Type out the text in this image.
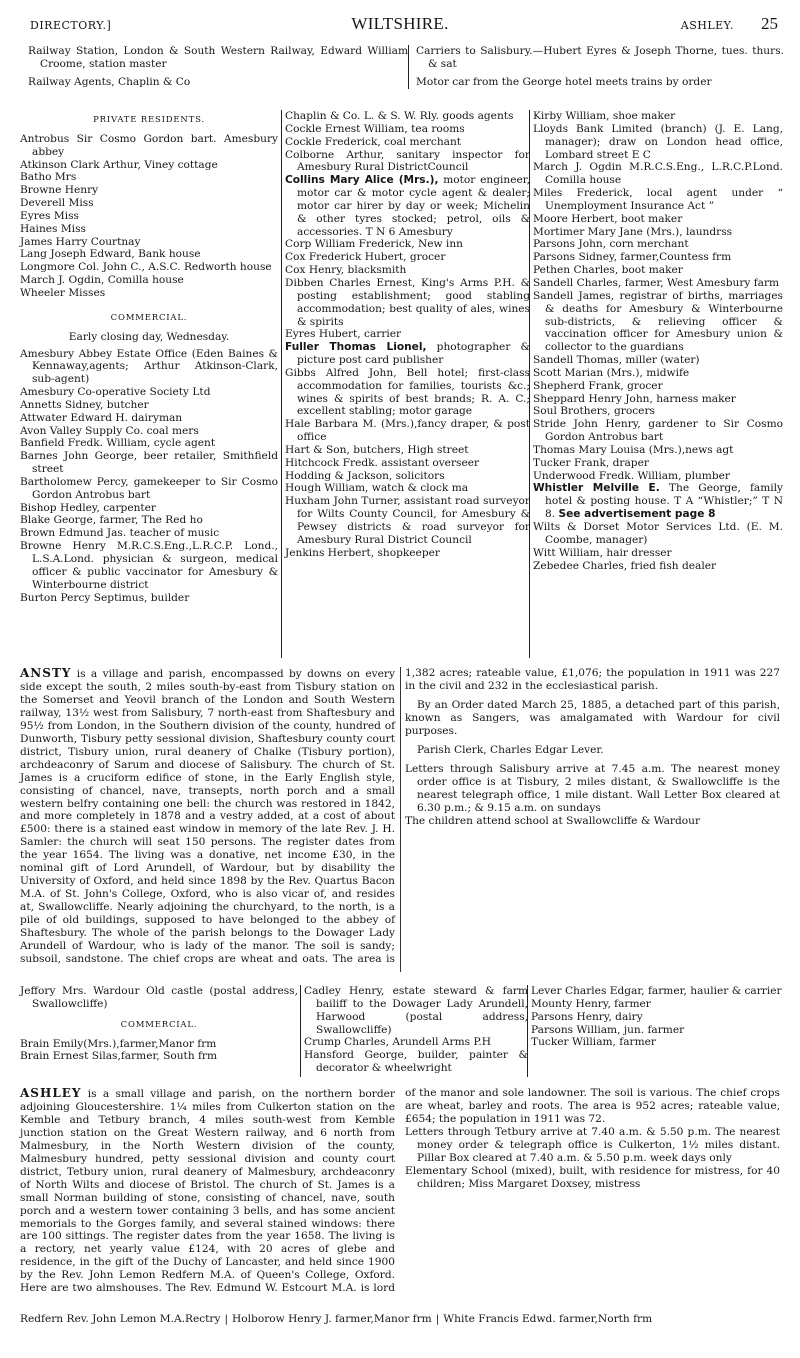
DIRECTORY.]	WILTSHIRE.	ASHLEY. 25

Railway Station, London & South Western Railway, Edward William Croome, station master

Railway Agents, Chaplin & Co

Carriers to Salisbury.—Hubert Eyres & Joseph Thorne, tues. thurs. & sat

Motor car from the George hotel meets trains by order

PRIVATE RESIDENTS.

Antrobus Sir Cosmo Gordon bart. Amesbury abbey

Atkinson Clark Arthur, Viney cottage

Batho Mrs

Browne Henry

Deverell Miss

Eyres Miss

Haines Miss

James Harry Courtnay

Lang Joseph Edward, Bank house

Longmore Col. John C., A.S.C. Redworth house

March J. Ogdin, Comilla house

Wheeler Misses

COMMERCIAL.
Early closing day, Wednesday.

Amesbury Abbey Estate Office (Eden Baines & Kennaway,agents; Arthur Atkinson-Clark, sub-agent)

Amesbury Co-operative Society Ltd

Annetts Sidney, butcher

Attwater Edward H. dairyman

Avon Valley Supply Co. coal mers

Banfield Fredk. William, cycle agent

Barnes John George, beer retailer, Smithfield street

Bartholomew Percy, gamekeeper to Sir Cosmo Gordon Antrobus bart

Bishop Hedley, carpenter

Blake George, farmer, The Red ho

Brown Edmund Jas. teacher of music

Browne Henry M.R.C.S.Eng.,L.R.C.P. Lond., L.S.A.Lond. physician & surgeon, medical officer & public vaccinator for Amesbury & Winterbourne district

Burton Percy Septimus, builder

Chaplin & Co. L. & S. W. Rly. goods agents

Cockle Ernest William, tea rooms

Cockle Frederick, coal merchant

Colborne Arthur, sanitary inspector for Amesbury Rural DistrictCouncil

Collins Mary Alice (Mrs.), motor engineer, motor car & motor cycle agent & dealer; motor car hirer by day or week; Michelin & other tyres stocked; petrol, oils & accessories. T N 6 Amesbury

Corp William Frederick, New inn

Cox Frederick Hubert, grocer

Cox Henry, blacksmith

Dibben Charles Ernest, King's Arms P.H. & posting establishment; good stabling accommodation; best quality of ales, wines & spirits

Eyres Hubert, carrier

Fuller Thomas Lionel, photographer & picture post card publisher

Gibbs Alfred John, Bell hotel; first-class accommodation for families, tourists &c.; wines & spirits of best brands; R. A. C.; excellent stabling; motor garage

Hale Barbara M. (Mrs.),fancy draper, & post office

Hart & Son, butchers, High street

Hitchcock Fredk. assistant overseer

Hodding & Jackson, solicitors

Hough William, watch & clock ma

Huxham John Turner, assistant road surveyor for Wilts County Council, for Amesbury & Pewsey districts & road surveyor for Amesbury Rural District Council

Jenkins Herbert, shopkeeper

Kirby William, shoe maker

Lloyds Bank Limited (branch) (J. E. Lang, manager); draw on London head office, Lombard street E C

March J. Ogdin M.R.C.S.Eng., L.R.C.P.Lond. Comilla house

Miles Frederick, local agent under “ Unemployment Insurance Act ”

Moore Herbert, boot maker

Mortimer Mary Jane (Mrs.), laundrss

Parsons John, corn merchant

Parsons Sidney, farmer,Countess frm

Pethen Charles, boot maker

Sandell Charles, farmer, West Amesbury farm

Sandell James, registrar of births, marriages & deaths for Amesbury & Winterbourne sub-districts, & relieving officer & vaccination officer for Amesbury union & collector to the guardians

Sandell Thomas, miller (water)

Scott Marian (Mrs.), midwife

Shepherd Frank, grocer

Sheppard Henry John, harness maker

Soul Brothers, grocers

Stride John Henry, gardener to Sir Cosmo Gordon Antrobus bart

Thomas Mary Louisa (Mrs.),news agt

Tucker Frank, draper

Underwood Fredk. William, plumber

Whistler Melville E. The George, family hotel & posting house. T A “Whistler;” T N 8. See advertisement page 8

Wilts & Dorset Motor Services Ltd. (E. M. Coombe, manager)

Witt William, hair dresser

Zebedee Charles, fried fish dealer

ANSTY is a village and parish, encompassed by downs on every side except the south, 2 miles south-by-east from Tisbury station on the Somerset and Yeovil branch of the London and South Western railway, 13½ west from Salisbury, 7 north-east from Shaftesbury and 95½ from London, in the Southern division of the county, hundred of Dunworth, Tisbury petty sessional division, Shaftesbury county court district, Tisbury union, rural deanery of Chalke (Tisbury portion), archdeaconry of Sarum and diocese of Salisbury. The church of St. James is a cruciform edifice of stone, in the Early English style, consisting of chancel, nave, transepts, north porch and a small western belfry containing one bell: the church was restored in 1842, and more completely in 1878 and a vestry added, at a cost of about £500: there is a stained east window in memory of the late Rev. J. H. Samler: the church will seat 150 persons. The register dates from the year 1654. The living was a donative, net income £30, in the nominal gift of Lord Arundell, of Wardour, but by disability the University of Oxford, and held since 1898 by the Rev. Quartus Bacon M.A. of St. John's College, Oxford, who is also vicar of, and resides at, Swallowcliffe. Nearly adjoining the churchyard, to the north, is a pile of old buildings, supposed to have belonged to the abbey of Shaftesbury. The whole of the parish belongs to the Dowager Lady Arundell of Wardour, who is lady of the manor. The soil is sandy; subsoil, sandstone. The chief crops are wheat and oats. The area is 1,382 acres; rateable value, £1,076; the population in 1911 was 227 in the civil and 232 in the ecclesiastical parish.

By an Order dated March 25, 1885, a detached part of this parish, known as Sangers, was amalgamated with Wardour for civil purposes.

Parish Clerk, Charles Edgar Lever.

Letters through Salisbury arrive at 7.45 a.m. The nearest money order office is at Tisbury, 2 miles distant, & Swallowcliffe is the nearest telegraph office, 1 mile distant. Wall Letter Box cleared at 6.30 p.m.; & 9.15 a.m. on sundays

The children attend school at Swallowcliffe & Wardour

Jeffory Mrs. Wardour Old castle (postal address, Swallowcliffe)

COMMERCIAL.

Brain Emily(Mrs.),farmer,Manor frm

Brain Ernest Silas,farmer, South frm

Cadley Henry, estate steward & farm bailiff to the Dowager Lady Arundell, Harwood (postal address, Swallowcliffe)

Crump Charles, Arundell Arms P.H

Hansford George, builder, painter & decorator & wheelwright

Lever Charles Edgar, farmer, haulier & carrier

Mounty Henry, farmer

Parsons Henry, dairy

Parsons William, jun. farmer

Tucker William, farmer

ASHLEY is a small village and parish, on the northern border adjoining Gloucestershire. 1¼ miles from Culkerton station on the Kemble and Tetbury branch, 4 miles south-west from Kemble junction station on the Great Western railway, and 6 north from Malmesbury, in the North Western division of the county, Malmesbury hundred, petty sessional division and county court district, Tetbury union, rural deanery of Malmesbury, archdeaconry of North Wilts and diocese of Bristol. The church of St. James is a small Norman building of stone, consisting of chancel, nave, south porch and a western tower containing 3 bells, and has some ancient memorials to the Gorges family, and several stained windows: there are 100 sittings. The register dates from the year 1658. The living is a rectory, net yearly value £124, with 20 acres of glebe and residence, in the gift of the Duchy of Lancaster, and held since 1900 by the Rev. John Lemon Redfern M.A. of Queen's College, Oxford. Here are two almshouses. The Rev. Edmund W. Estcourt M.A. is lord of the manor and sole landowner. The soil is various. The chief crops are wheat, barley and roots. The area is 952 acres; rateable value, £654; the population in 1911 was 72.

Letters through Tetbury arrive at 7.40 a.m. & 5.50 p.m. The nearest money order & telegraph office is Culkerton, 1½ miles distant. Pillar Box cleared at 7.40 a.m. & 5.50 p.m. week days only

Elementary School (mixed), built, with residence for mistress, for 40 children; Miss Margaret Doxsey, mistress

Redfern Rev. John Lemon M.A.Rectry | Holborow Henry J. farmer,Manor frm | White Francis Edwd. farmer,North frm
